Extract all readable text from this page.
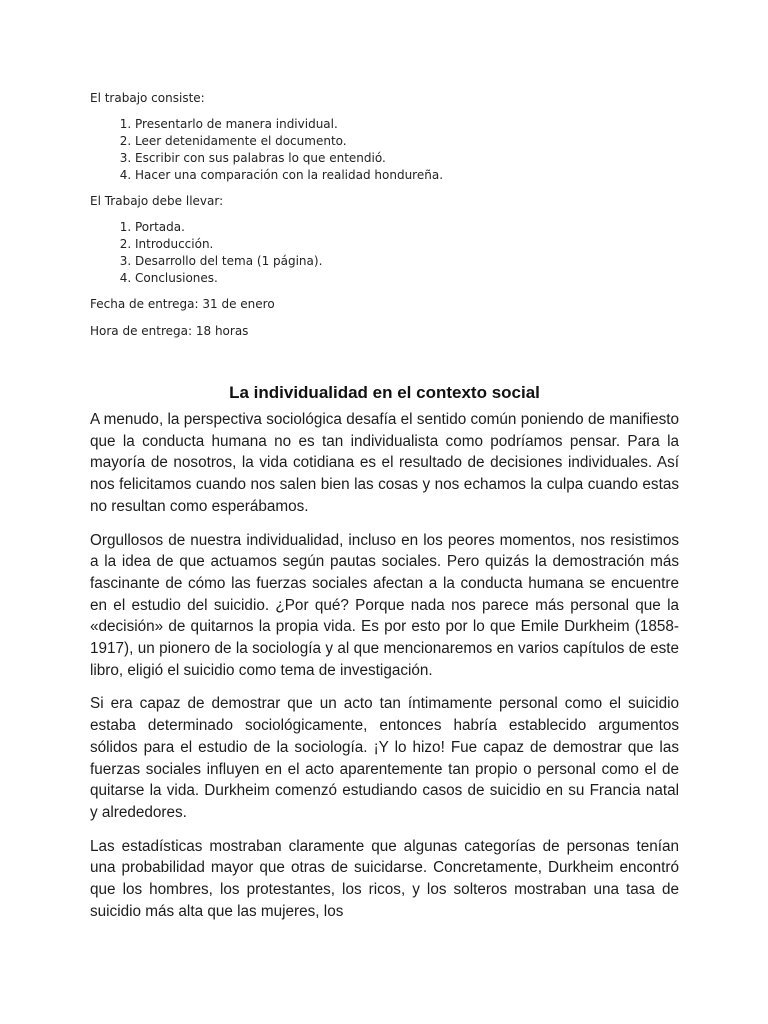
El trabajo consiste:

1. Presentarlo de manera individual.
2. Leer detenidamente el documento.
3. Escribir con sus palabras lo que entendió.
4. Hacer una comparación con la realidad hondureña.

El Trabajo debe llevar:

1. Portada.
2. Introducción.
3. Desarrollo del tema (1 página).
4. Conclusiones.

Fecha de entrega: 31 de enero

Hora de entrega: 18 horas

La individualidad en el contexto social

A menudo, la perspectiva sociológica desafía el sentido común poniendo de manifiesto que la conducta humana no es tan individualista como podríamos pensar. Para la mayoría de nosotros, la vida cotidiana es el resultado de decisiones individuales. Así nos felicitamos cuando nos salen bien las cosas y nos echamos la culpa cuando estas no resultan como esperábamos.

Orgullosos de nuestra individualidad, incluso en los peores momentos, nos resistimos a la idea de que actuamos según pautas sociales. Pero quizás la demostración más fascinante de cómo las fuerzas sociales afectan a la conducta humana se encuentre en el estudio del suicidio. ¿Por qué? Porque nada nos parece más personal que la «decisión» de quitarnos la propia vida. Es por esto por lo que Emile Durkheim (1858- 1917), un pionero de la sociología y al que mencionaremos en varios capítulos de este libro, eligió el suicidio como tema de investigación.

Si era capaz de demostrar que un acto tan íntimamente personal como el suicidio estaba determinado sociológicamente, entonces habría establecido argumentos sólidos para el estudio de la sociología. ¡Y lo hizo! Fue capaz de demostrar que las fuerzas sociales influyen en el acto aparentemente tan propio o personal como el de quitarse la vida. Durkheim comenzó estudiando casos de suicidio en su Francia natal y alrededores.

Las estadísticas mostraban claramente que algunas categorías de personas tenían una probabilidad mayor que otras de suicidarse. Concretamente, Durkheim encontró que los hombres, los protestantes, los ricos, y los solteros mostraban una tasa de suicidio más alta que las mujeres, los
